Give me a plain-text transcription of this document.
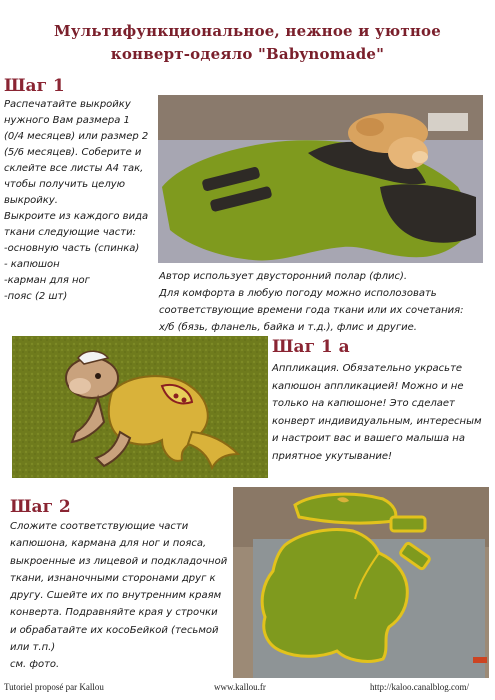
Мультифункциональное, нежное и уютное
конверт-одеяло "Babynomade"
Шаг 1
Распечатайте выкройку
нужного Вам размера 1
(0/4 месяцев) или размер 2
(5/6 месяцев). Соберите и
склейте все листы А4 так,
чтобы получить целую
выкройку.
Выкроите из каждого вида
ткани следующие части:
-основную часть (спинка)
- капюшон
-карман для ног
-пояс (2 шт)
Автор использует двусторонний полар (флис).
Для комфорта в любую погоду можно исполозовать
соответствующие времени года ткани или их сочетания:
х/б (бязь, фланель, байка и т.д.), флис и другие.
Шаг 1 а
Аппликация. Обязательно украсьте
капюшон аппликацией! Можно и не
только на капюшоне! Это сделает
конверт индивидуальным, интересным
и настроит вас и вашего малыша на
приятное укутывание!
Шаг 2
Сложите соответствующие части
капюшона, кармана для ног и пояса,
выкроенные из лицевой и подкладочной
ткани, изнаночными сторонами друг к
другу. Сшейте их по внутренним краям
конверта. Подравняйте края у строчки
и обрабатайте их косоБейкой (тесьмой
или т.п.)
см. фото.
Tutoriel proposé par Kallou	www.kallou.fr	http://kaloo.canalblog.com/
